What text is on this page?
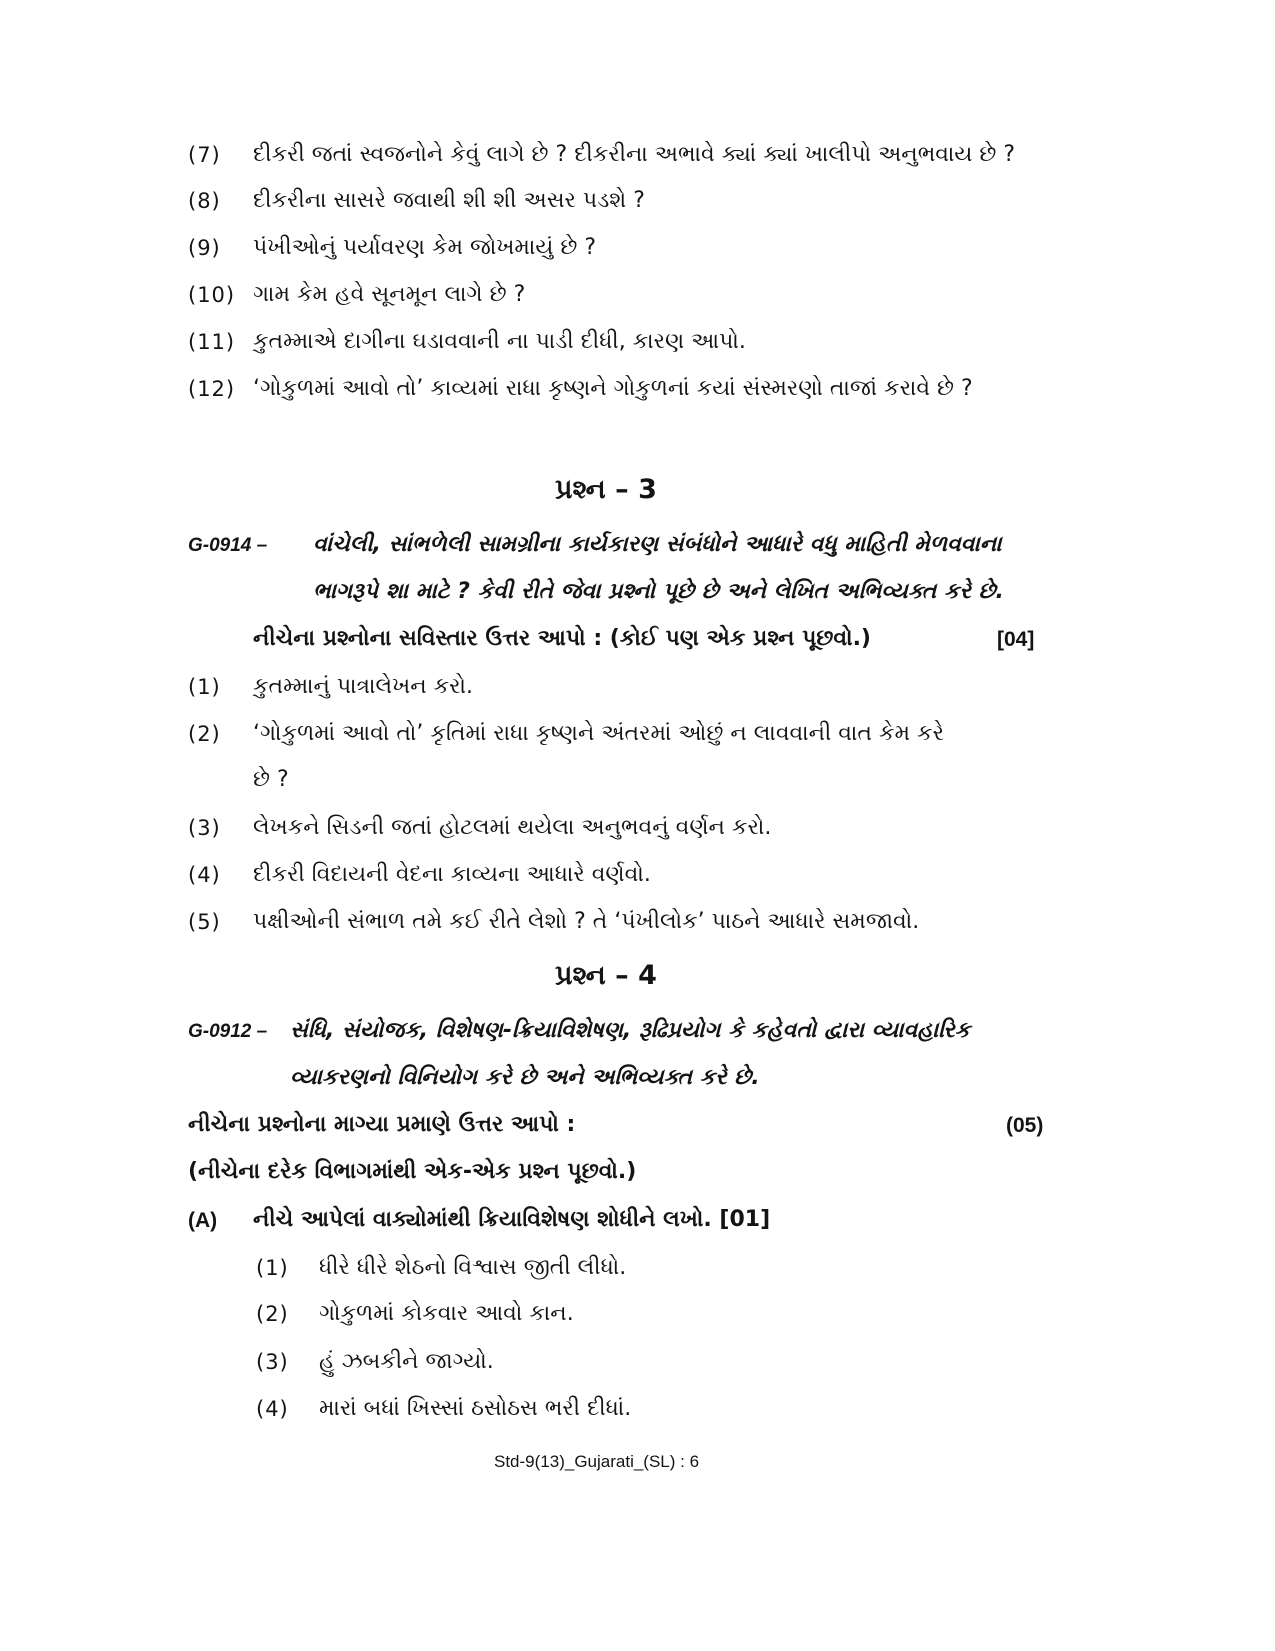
(7) દીકરી જતાં સ્વજનોને કેવું લાગે છે ? દીકરીના અભાવે ક્યાં ક્યાં ખાલીપો અનુભવાય છે ?
(8) દીકરીના સાસરે જવાથી શી શી અસર પડશે ?
(9) પંખીઓનું પર્યાવરણ કેમ જોખમાયું છે ?
(10) ગામ કેમ હવે સૂનમૂન લાગે છે ?
(11) કુતમ્માએ દાગીના ઘડાવવાની ના પાડી દીધી, કારણ આપો.
(12) ‘ગોકુળમાં આવો તો’ કાવ્યમાં રાધા કૃષ્ણને ગોકુળનાં કયાં સંસ્મરણો તાજાં કરાવે છે ?
પ્રશ્ન – 3
G-0914 – વાંચેલી, સાંભળેલી સામગ્રીના કાર્યકારણ સંબંધોને આધારે વધુ માહિતી મેળવવાના
ભાગરૂપે શા માટે ? કેવી રીતે જેવા પ્રશ્નો પૂછે છે અને લેખિત અભિવ્યક્ત કરે છે.
નીચેના પ્રશ્નોના સવિસ્તાર ઉત્તર આપો : (કોઈ પણ એક પ્રશ્ન પૂછવો.)	[04]
(1) કુતમ્માનું પાત્રાલેખન કરો.
(2) ‘ગોકુળમાં આવો તો’ કૃતિમાં રાધા કૃષ્ણને અંતરમાં ઓછું ન લાવવાની વાત કેમ કરે
છે ?
(3) લેખકને સિડની જતાં હોટલમાં થયેલા અનુભવનું વર્ણન કરો.
(4) દીકરી વિદાયની વેદના કાવ્યના આધારે વર્ણવો.
(5) પક્ષીઓની સંભાળ તમે કઈ રીતે લેશો ? તે ‘પંખીલોક’ પાઠને આધારે સમજાવો.
પ્રશ્ન – 4
G-0912 – સંધિ, સંયોજક, વિશેષણ-ક્રિયાવિશેષણ, રૂઢિપ્રયોગ કે કહેવતો દ્વારા વ્યાવહારિક
વ્યાકરણનો વિનિયોગ કરે છે અને અભિવ્યક્ત કરે છે.
નીચેના પ્રશ્નોના માગ્યા પ્રમાણે ઉત્તર આપો :	(05)
(નીચેના દરેક વિભાગમાંથી એક-એક પ્રશ્ન પૂછવો.)
(A) નીચે આપેલાં વાક્યોમાંથી ક્રિયાવિશેષણ શોધીને લખો. [01]
(1) ધીરે ધીરે શેઠનો વિશ્વાસ જીતી લીધો.
(2) ગોકુળમાં કોકવાર આવો કાન.
(3) હું ઝબકીને જાગ્યો.
(4) મારાં બધાં ખિસ્સાં ઠસોઠસ ભરી દીધાં.
Std-9(13)_Gujarati_(SL) : 6
